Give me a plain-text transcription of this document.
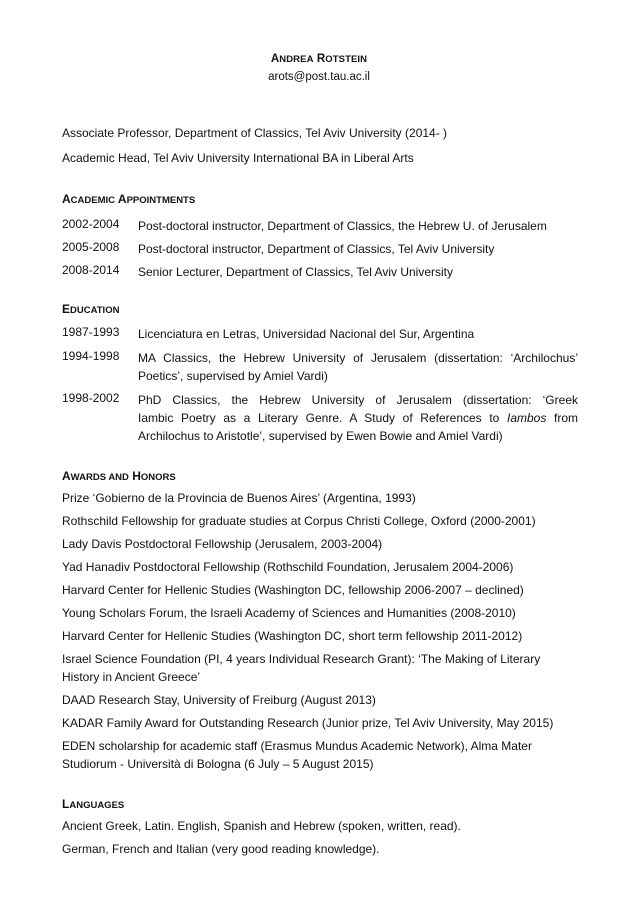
ANDREA ROTSTEIN
arots@post.tau.ac.il
Associate Professor, Department of Classics, Tel Aviv University (2014- )
Academic Head, Tel Aviv University International BA in Liberal Arts
ACADEMIC APPOINTMENTS
2002-2004	Post-doctoral instructor, Department of Classics, the Hebrew U. of Jerusalem
2005-2008	Post-doctoral instructor, Department of Classics, Tel Aviv University
2008-2014	Senior Lecturer, Department of Classics, Tel Aviv University
EDUCATION
1987-1993	Licenciatura en Letras, Universidad Nacional del Sur, Argentina
1994-1998	MA Classics, the Hebrew University of Jerusalem (dissertation: ‘Archilochus’
Poetics’, supervised by Amiel Vardi)
1998-2002	PhD Classics, the Hebrew University of Jerusalem (dissertation: ‘Greek
Iambic Poetry as a Literary Genre. A Study of References to Iambos from
Archilochus to Aristotle’, supervised by Ewen Bowie and Amiel Vardi)
AWARDS AND HONORS
Prize ‘Gobierno de la Provincia de Buenos Aires’ (Argentina, 1993)
Rothschild Fellowship for graduate studies at Corpus Christi College, Oxford (2000-2001)
Lady Davis Postdoctoral Fellowship (Jerusalem, 2003-2004)
Yad Hanadiv Postdoctoral Fellowship (Rothschild Foundation, Jerusalem 2004-2006)
Harvard Center for Hellenic Studies (Washington DC, fellowship 2006-2007 – declined)
Young Scholars Forum, the Israeli Academy of Sciences and Humanities (2008-2010)
Harvard Center for Hellenic Studies (Washington DC, short term fellowship 2011-2012)
Israel Science Foundation (PI, 4 years Individual Research Grant): ‘The Making of Literary
History in Ancient Greece’
DAAD Research Stay, University of Freiburg (August 2013)
KADAR Family Award for Outstanding Research (Junior prize, Tel Aviv University, May 2015)
EDEN scholarship for academic staff (Erasmus Mundus Academic Network), Alma Mater
Studiorum - Università di Bologna (6 July – 5 August 2015)
LANGUAGES
Ancient Greek, Latin. English, Spanish and Hebrew (spoken, written, read).
German, French and Italian (very good reading knowledge).
